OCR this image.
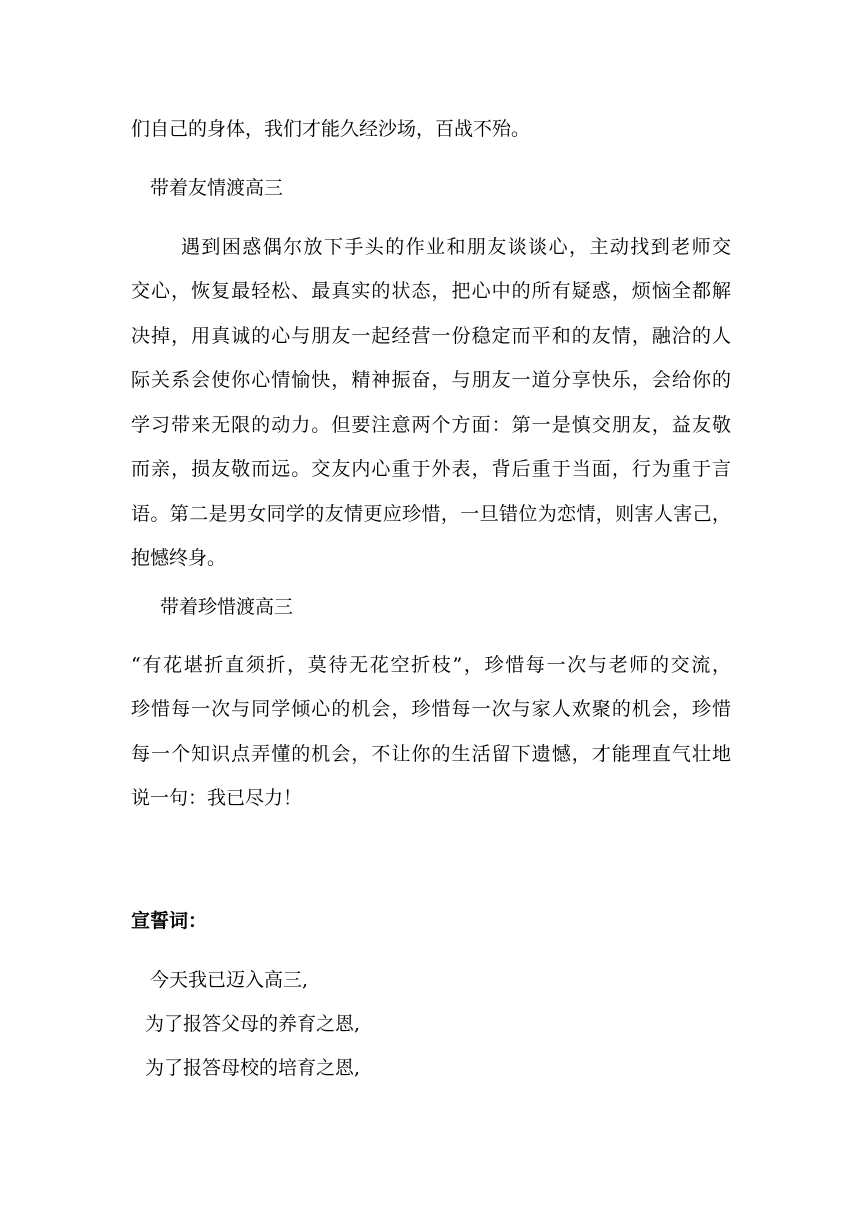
们自己的身体，我们才能久经沙场，百战不殆。
带着友情渡高三
遇到困惑偶尔放下手头的作业和朋友谈谈心，主动找到老师交
交心，恢复最轻松、最真实的状态，把心中的所有疑惑，烦恼全都解
决掉，用真诚的心与朋友一起经营一份稳定而平和的友情，融洽的人
际关系会使你心情愉快，精神振奋，与朋友一道分享快乐，会给你的
学习带来无限的动力。但要注意两个方面：第一是慎交朋友，益友敬
而亲，损友敬而远。交友内心重于外表，背后重于当面，行为重于言
语。第二是男女同学的友情更应珍惜，一旦错位为恋情，则害人害己，
抱憾终身。
带着珍惜渡高三
“有花堪折直须折，莫待无花空折枝”，珍惜每一次与老师的交流，
珍惜每一次与同学倾心的机会，珍惜每一次与家人欢聚的机会，珍惜
每一个知识点弄懂的机会，不让你的生活留下遗憾，才能理直气壮地
说一句：我已尽力！
宣誓词：
今天我已迈入高三,
为了报答父母的养育之恩,
为了报答母校的培育之恩,
